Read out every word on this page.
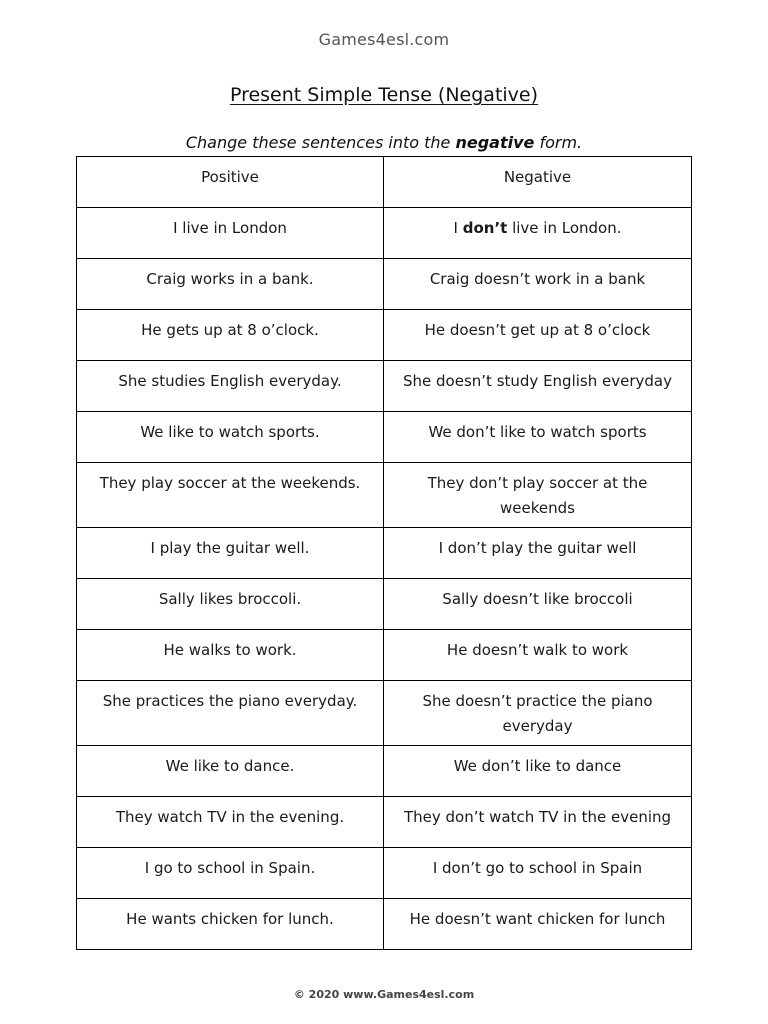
Games4esl.com
Present Simple Tense (Negative)
Change these sentences into the negative form.
Positive	Negative
I live in London	I don’t live in London.
Craig works in a bank.	Craig doesn’t work in a bank
He gets up at 8 o’clock.	He doesn’t get up at 8 o’clock
She studies English everyday.	She doesn’t study English everyday
We like to watch sports.	We don’t like to watch sports
They play soccer at the weekends.	They don’t play soccer at the weekends
I play the guitar well.	I don’t play the guitar well
Sally likes broccoli.	Sally doesn’t like broccoli
He walks to work.	He doesn’t walk to work
She practices the piano everyday.	She doesn’t practice the piano everyday
We like to dance.	We don’t like to dance
They watch TV in the evening.	They don’t watch TV in the evening
I go to school in Spain.	I don’t go to school in Spain
He wants chicken for lunch.	He doesn’t want chicken for lunch
© 2020 www.Games4esl.com
